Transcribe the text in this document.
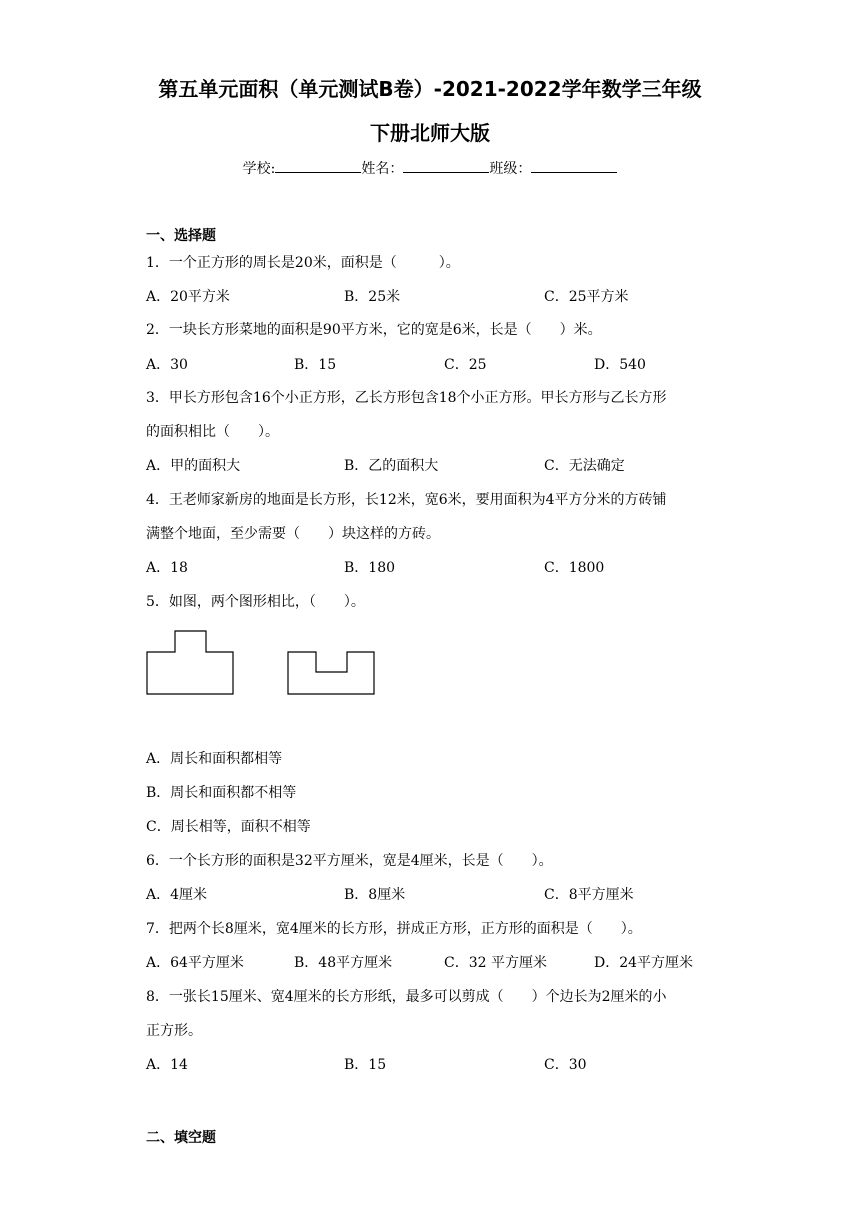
第五单元面积（单元测试B卷）-2021-2022学年数学三年级
下册北师大版
学校:	姓名：	班级：
一、选择题
1．一个正方形的周长是20米，面积是（　　　）。
A．20平方米	B．25米	C．25平方米
2．一块长方形菜地的面积是90平方米，它的宽是6米，长是（　　）米。
A．30	B．15	C．25	D．540
3．甲长方形包含16个小正方形，乙长方形包含18个小正方形。甲长方形与乙长方形
的面积相比（　　）。
A．甲的面积大	B．乙的面积大	C．无法确定
4．王老师家新房的地面是长方形，长12米，宽6米，要用面积为4平方分米的方砖铺
满整个地面，至少需要（　　）块这样的方砖。
A．18	B．180	C．1800
5．如图，两个图形相比，（　　）。
A．周长和面积都相等
B．周长和面积都不相等
C．周长相等，面积不相等
6．一个长方形的面积是32平方厘米，宽是4厘米，长是（　　）。
A．4厘米	B．8厘米	C．8平方厘米
7．把两个长8厘米，宽4厘米的长方形，拼成正方形，正方形的面积是（　　）。
A．64平方厘米	B．48平方厘米	C．32 平方厘米	D．24平方厘米
8．一张长15厘米、宽4厘米的长方形纸，最多可以剪成（　　）个边长为2厘米的小
正方形。
A．14	B．15	C．30
二、填空题
